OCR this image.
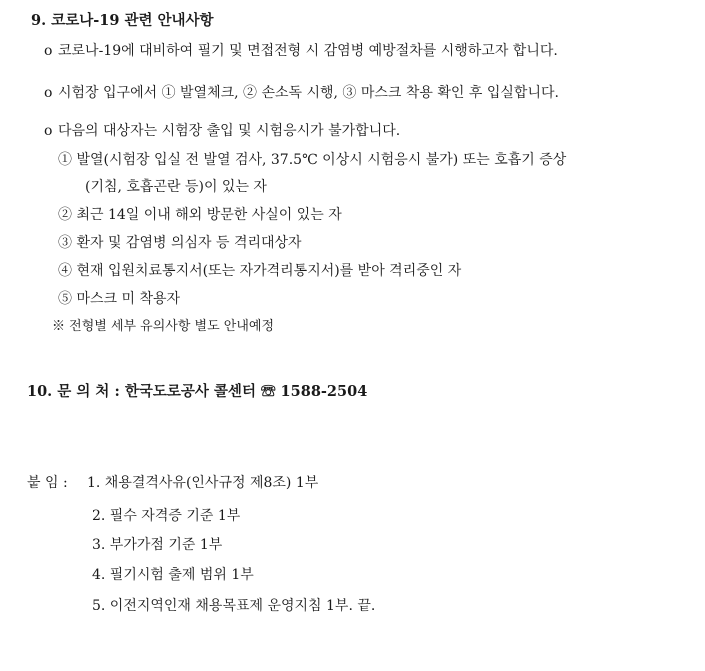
9. 코로나-19 관련 안내사항
o 코로나-19에 대비하여 필기 및 면접전형 시 감염병 예방절차를 시행하고자 합니다.
o 시험장 입구에서 ① 발열체크, ② 손소독 시행, ③ 마스크 착용 확인 후 입실합니다.
o 다음의 대상자는 시험장 출입 및 시험응시가 불가합니다.
① 발열(시험장 입실 전 발열 검사, 37.5℃ 이상시 시험응시 불가) 또는 호흡기 증상
(기침, 호흡곤란 등)이 있는 자
② 최근 14일 이내 해외 방문한 사실이 있는 자
③ 환자 및 감염병 의심자 등 격리대상자
④ 현재 입원치료통지서(또는 자가격리통지서)를 받아 격리중인 자
⑤ 마스크 미 착용자
※ 전형별 세부 유의사항 별도 안내예정
10. 문 의 처 : 한국도로공사 콜센터 ☏ 1588-2504
붙 임 : 1. 채용결격사유(인사규정 제8조) 1부
2. 필수 자격증 기준 1부
3. 부가가점 기준 1부
4. 필기시험 출제 범위 1부
5. 이전지역인재 채용목표제 운영지침 1부. 끝.
